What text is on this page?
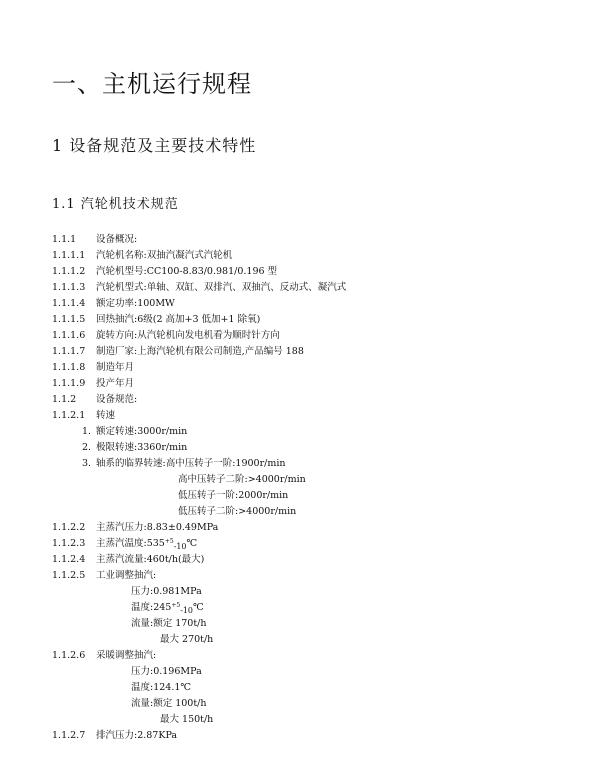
一、主机运行规程
1 设备规范及主要技术特性
1.1 汽轮机技术规范
1.1.1 设备概况:
1.1.1.1 汽轮机名称:双抽汽凝汽式汽轮机
1.1.1.2 汽轮机型号:CC100-8.83/0.981/0.196 型
1.1.1.3 汽轮机型式:单轴、双缸、双排汽、双抽汽、反动式、凝汽式
1.1.1.4 额定功率:100MW
1.1.1.5 回热抽汽:6级(2 高加+3 低加+1 除氧)
1.1.1.6 旋转方向:从汽轮机向发电机看为顺时针方向
1.1.1.7 制造厂家:上海汽轮机有限公司制造,产品编号 188
1.1.1.8 制造年月
1.1.1.9 投产年月
1.1.2 设备规范:
1.1.2.1 转速
1. 额定转速:3000r/min
2. 极限转速:3360r/min
3. 轴系的临界转速:高中压转子一阶:1900r/min
高中压转子二阶:>4000r/min
低压转子一阶:2000r/min
低压转子二阶:>4000r/min
1.1.2.2 主蒸汽压力:8.83±0.49MPa
1.1.2.3 主蒸汽温度$:535^{+5}_{-10}℃$
1.1.2.4 主蒸汽流量:460t/h(最大)
1.1.2.5 工业调整抽汽:
压力:0.981MPa
温度$:245^{+5}_{-10}℃$
流量:额定 170t/h
最大 270t/h
1.1.2.6 采暖调整抽汽:
压力:0.196MPa
温度:124.1℃
流量:额定 100t/h
最大 150t/h
1.1.2.7 排汽压力:2.87KPa
